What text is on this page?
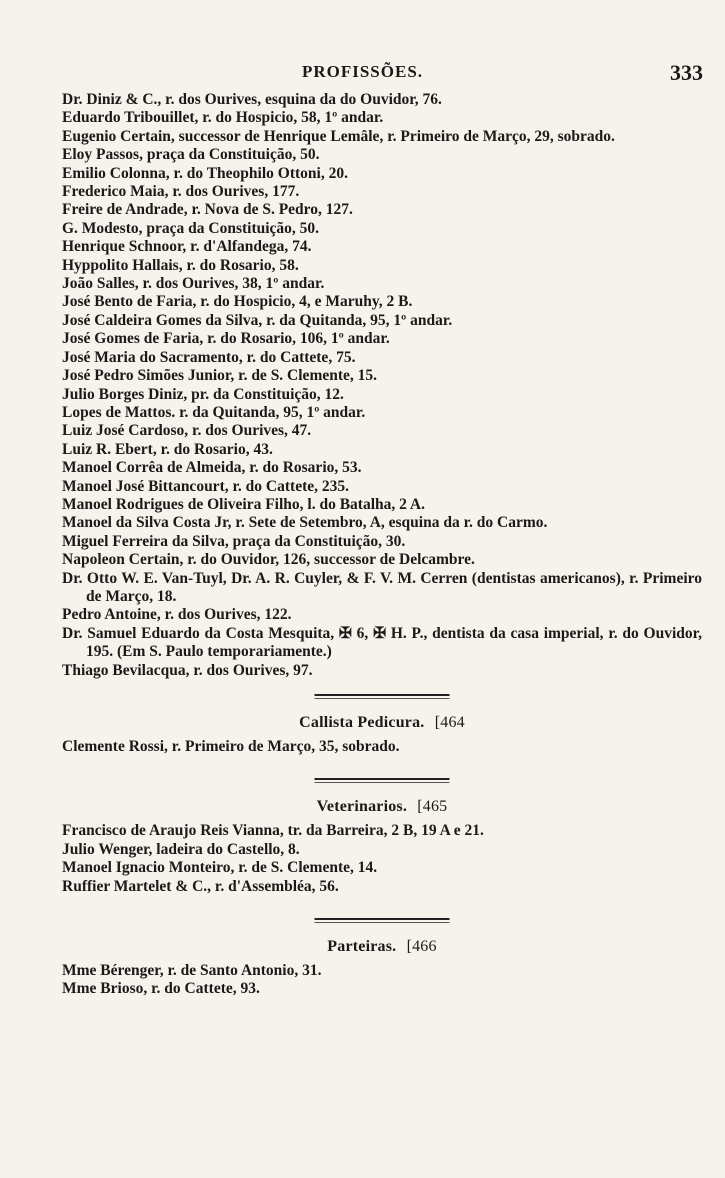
PROFISSÕES.	333
Dr. Diniz & C., r. dos Ourives, esquina da do Ouvidor, 76.
Eduardo Tribouillet, r. do Hospicio, 58, 1º andar.
Eugenio Certain, successor de Henrique Lemâle, r. Primeiro de Março, 29, sobrado.
Eloy Passos, praça da Constituição, 50.
Emilio Colonna, r. do Theophilo Ottoni, 20.
Frederico Maia, r. dos Ourives, 177.
Freire de Andrade, r. Nova de S. Pedro, 127.
G. Modesto, praça da Constituição, 50.
Henrique Schnoor, r. d'Alfandega, 74.
Hyppolito Hallais, r. do Rosario, 58.
João Salles, r. dos Ourives, 38, 1º andar.
José Bento de Faria, r. do Hospicio, 4, e Maruhy, 2 B.
José Caldeira Gomes da Silva, r. da Quitanda, 95, 1º andar.
José Gomes de Faria, r. do Rosario, 106, 1º andar.
José Maria do Sacramento, r. do Cattete, 75.
José Pedro Simões Junior, r. de S. Clemente, 15.
Julio Borges Diniz, pr. da Constituição, 12.
Lopes de Mattos. r. da Quitanda, 95, 1º andar.
Luiz José Cardoso, r. dos Ourives, 47.
Luiz R. Ebert, r. do Rosario, 43.
Manoel Corrêa de Almeida, r. do Rosario, 53.
Manoel José Bittancourt, r. do Cattete, 235.
Manoel Rodrigues de Oliveira Filho, l. do Batalha, 2 A.
Manoel da Silva Costa Jr, r. Sete de Setembro, A, esquina da r. do Carmo.
Miguel Ferreira da Silva, praça da Constituição, 30.
Napoleon Certain, r. do Ouvidor, 126, successor de Delcambre.
Dr. Otto W. E. Van-Tuyl, Dr. A. R. Cuyler, & F. V. M. Cerren (dentistas americanos), r. Primeiro de Março, 18.
Pedro Antoine, r. dos Ourives, 122.
Dr. Samuel Eduardo da Costa Mesquita, ✠ 6, ✠ H. P., dentista da casa imperial, r. do Ouvidor, 195. (Em S. Paulo temporariamente.)
Thiago Bevilacqua, r. dos Ourives, 97.
Callista Pedicura. [464
Clemente Rossi, r. Primeiro de Março, 35, sobrado.
Veterinarios. [465
Francisco de Araujo Reis Vianna, tr. da Barreira, 2 B, 19 A e 21.
Julio Wenger, ladeira do Castello, 8.
Manoel Ignacio Monteiro, r. de S. Clemente, 14.
Ruffier Martelet & C., r. d'Assembléa, 56.
Parteiras. [466
Mme Bérenger, r. de Santo Antonio, 31.
Mme Brioso, r. do Cattete, 93.
